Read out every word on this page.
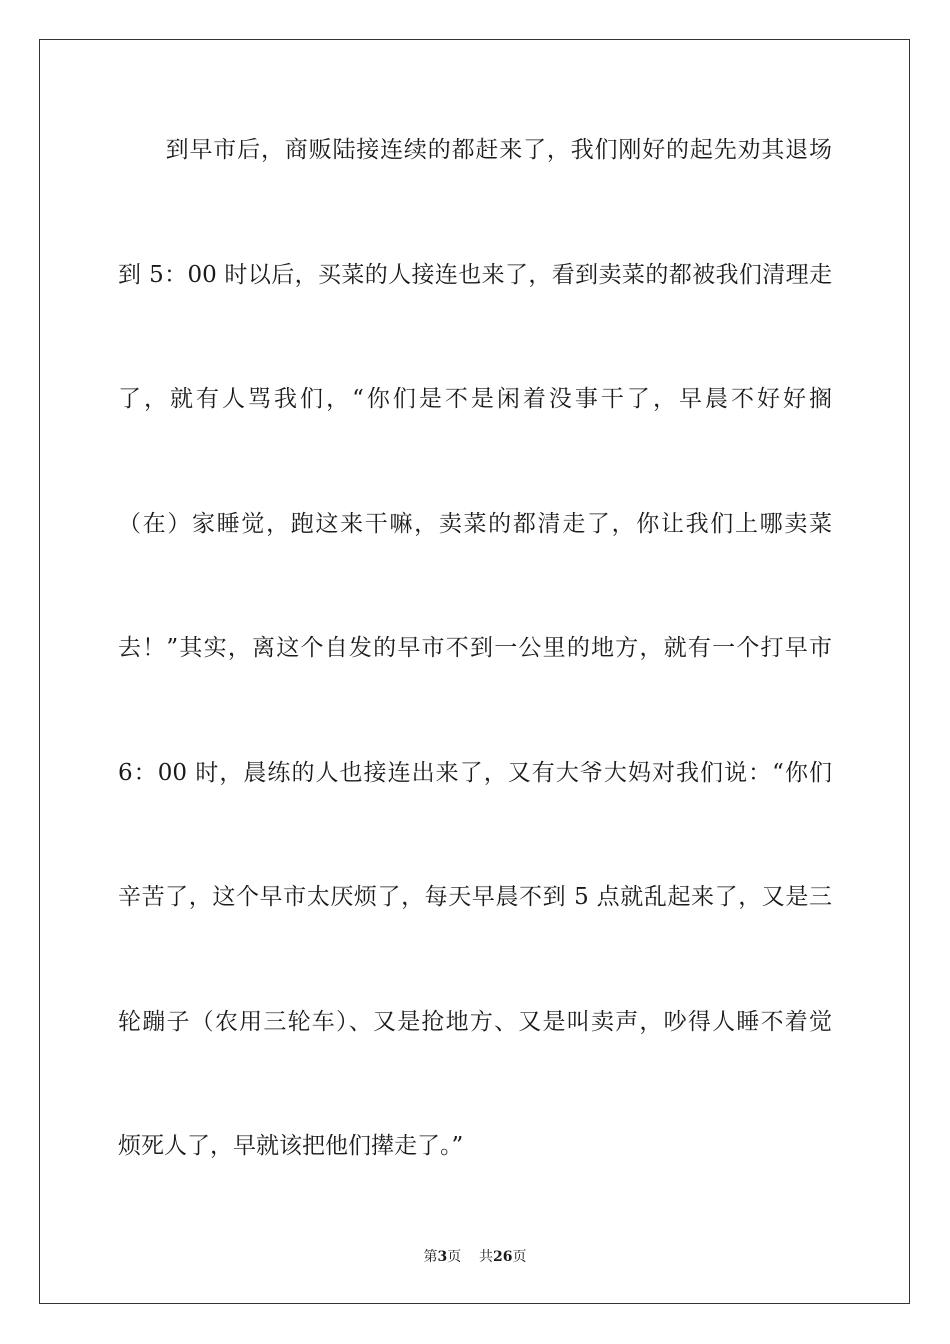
　　到早市后，商贩陆接连续的都赶来了，我们刚好的起先劝其退场
到 5：00 时以后，买菜的人接连也来了，看到卖菜的都被我们清理走
了，就有人骂我们，“你们是不是闲着没事干了，早晨不好好搁
（在）家睡觉，跑这来干嘛，卖菜的都清走了，你让我们上哪卖菜
去！”其实，离这个自发的早市不到一公里的地方，就有一个打早市
6：00 时，晨练的人也接连出来了，又有大爷大妈对我们说：“你们
辛苦了，这个早市太厌烦了，每天早晨不到 5 点就乱起来了，又是三
轮蹦子（农用三轮车）、又是抢地方、又是叫卖声，吵得人睡不着觉
烦死人了，早就该把他们撵走了。”
第3页 共26页
